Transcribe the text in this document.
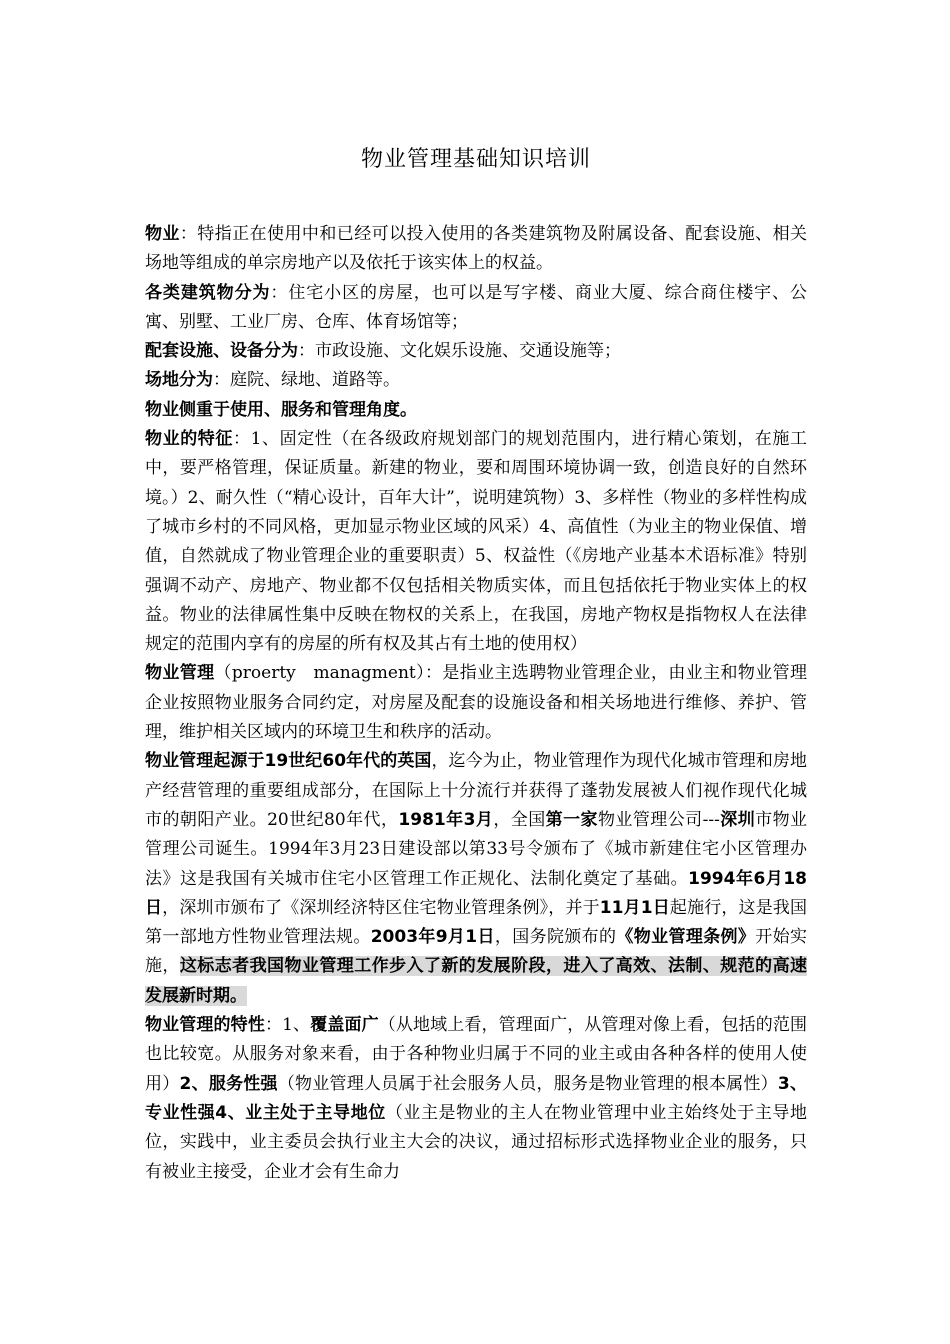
物业管理基础知识培训

物业：特指正在使用中和已经可以投入使用的各类建筑物及附属设备、配套设施、相关场地等组成的单宗房地产以及依托于该实体上的权益。

各类建筑物分为：住宅小区的房屋，也可以是写字楼、商业大厦、综合商住楼宇、公寓、别墅、工业厂房、仓库、体育场馆等；

配套设施、设备分为：市政设施、文化娱乐设施、交通设施等；

场地分为：庭院、绿地、道路等。

物业侧重于使用、服务和管理角度。

物业的特征：1、固定性（在各级政府规划部门的规划范围内，进行精心策划，在施工中，要严格管理，保证质量。新建的物业，要和周围环境协调一致，创造良好的自然环境。）2、耐久性（“精心设计，百年大计”，说明建筑物）3、多样性（物业的多样性构成了城市乡村的不同风格，更加显示物业区域的风采）4、高值性（为业主的物业保值、增值，自然就成了物业管理企业的重要职责）5、权益性（《房地产业基本术语标准》特别强调不动产、房地产、物业都不仅包括相关物质实体，而且包括依托于物业实体上的权益。物业的法律属性集中反映在物权的关系上，在我国，房地产物权是指物权人在法律规定的范围内享有的房屋的所有权及其占有土地的使用权）

物业管理（proerty　managment）：是指业主选聘物业管理企业，由业主和物业管理企业按照物业服务合同约定，对房屋及配套的设施设备和相关场地进行维修、养护、管理，维护相关区域内的环境卫生和秩序的活动。

物业管理起源于19世纪60年代的英国，迄今为止，物业管理作为现代化城市管理和房地产经营管理的重要组成部分，在国际上十分流行并获得了蓬勃发展被人们视作现代化城市的朝阳产业。20世纪80年代，1981年3月，全国第一家物业管理公司---深圳市物业管理公司诞生。1994年3月23日建设部以第33号令颁布了《城市新建住宅小区管理办法》这是我国有关城市住宅小区管理工作正规化、法制化奠定了基础。1994年6月18日，深圳市颁布了《深圳经济特区住宅物业管理条例》，并于11月1日起施行，这是我国第一部地方性物业管理法规。2003年9月1日，国务院颁布的《物业管理条例》开始实施，这标志者我国物业管理工作步入了新的发展阶段，进入了高效、法制、规范的高速发展新时期。

物业管理的特性：1、覆盖面广（从地域上看，管理面广，从管理对像上看，包括的范围也比较宽。从服务对象来看，由于各种物业归属于不同的业主或由各种各样的使用人使用）2、服务性强（物业管理人员属于社会服务人员，服务是物业管理的根本属性）3、专业性强4、业主处于主导地位（业主是物业的主人在物业管理中业主始终处于主导地位，实践中，业主委员会执行业主大会的决议，通过招标形式选择物业企业的服务，只有被业主接受，企业才会有生命力
